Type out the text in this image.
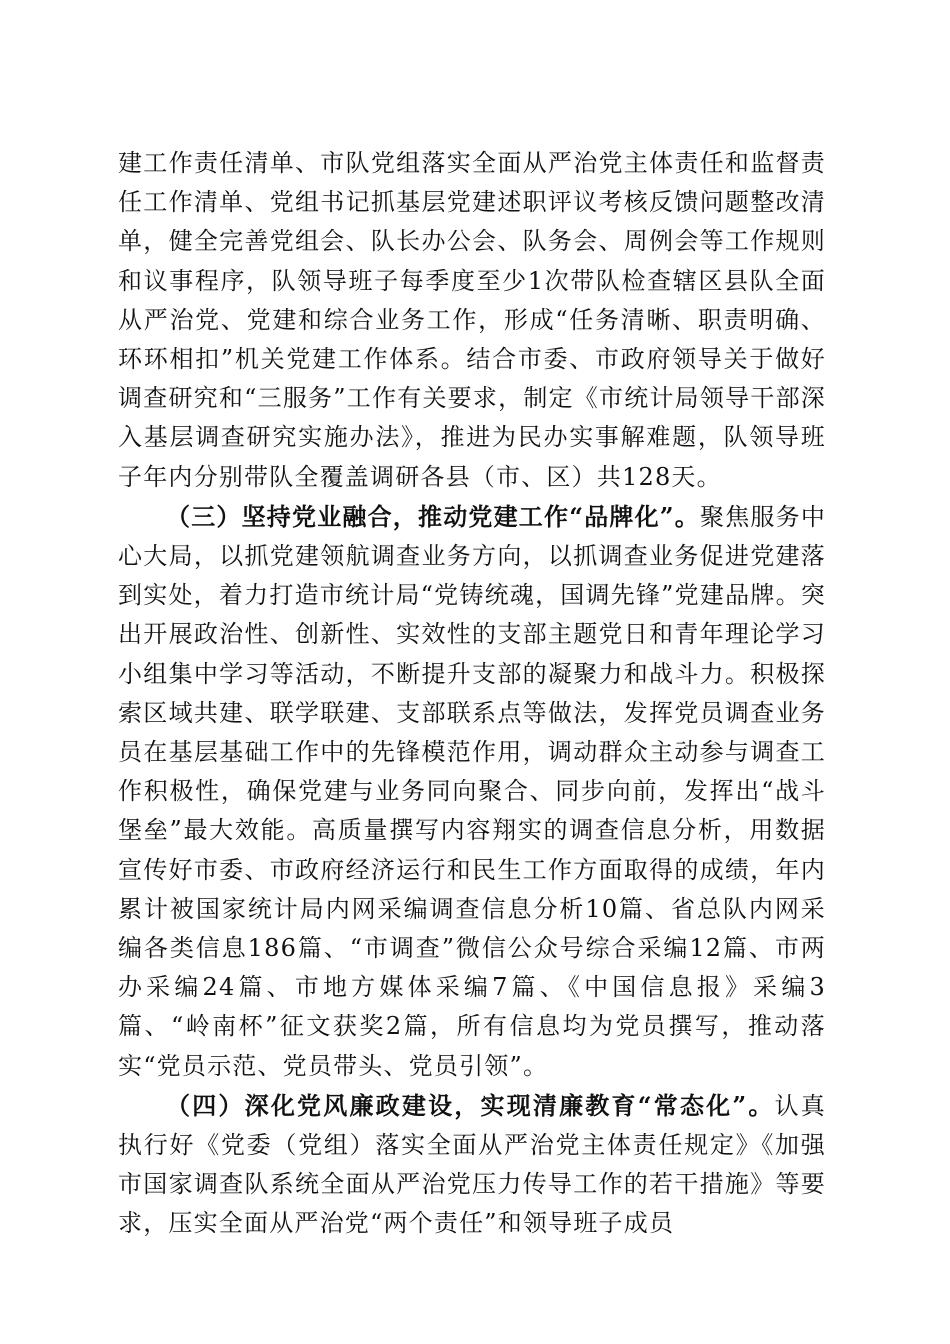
建工作责任清单、市队党组落实全面从严治党主体责任和监督责任工作清单、党组书记抓基层党建述职评议考核反馈问题整改清单，健全完善党组会、队长办公会、队务会、周例会等工作规则和议事程序，队领导班子每季度至少1次带队检查辖区县队全面从严治党、党建和综合业务工作，形成“任务清晰、职责明确、环环相扣”机关党建工作体系。结合市委、市政府领导关于做好调查研究和“三服务”工作有关要求，制定《市统计局领导干部深入基层调查研究实施办法》，推进为民办实事解难题，队领导班子年内分别带队全覆盖调研各县（市、区）共128天。

（三）坚持党业融合，推动党建工作“品牌化”。聚焦服务中心大局，以抓党建领航调查业务方向，以抓调查业务促进党建落到实处，着力打造市统计局“党铸统魂，国调先锋”党建品牌。突出开展政治性、创新性、实效性的支部主题党日和青年理论学习小组集中学习等活动，不断提升支部的凝聚力和战斗力。积极探索区域共建、联学联建、支部联系点等做法，发挥党员调查业务员在基层基础工作中的先锋模范作用，调动群众主动参与调查工作积极性，确保党建与业务同向聚合、同步向前，发挥出“战斗堡垒”最大效能。高质量撰写内容翔实的调查信息分析，用数据宣传好市委、市政府经济运行和民生工作方面取得的成绩，年内累计被国家统计局内网采编调查信息分析10篇、省总队内网采编各类信息186篇、“市调查”微信公众号综合采编12篇、市两办采编24篇、市地方媒体采编7篇、《中国信息报》采编3篇、“岭南杯”征文获奖2篇，所有信息均为党员撰写，推动落实“党员示范、党员带头、党员引领”。

（四）深化党风廉政建设，实现清廉教育“常态化”。认真执行好《党委（党组）落实全面从严治党主体责任规定》《加强市国家调查队系统全面从严治党压力传导工作的若干措施》等要求，压实全面从严治党“两个责任”和领导班子成员
